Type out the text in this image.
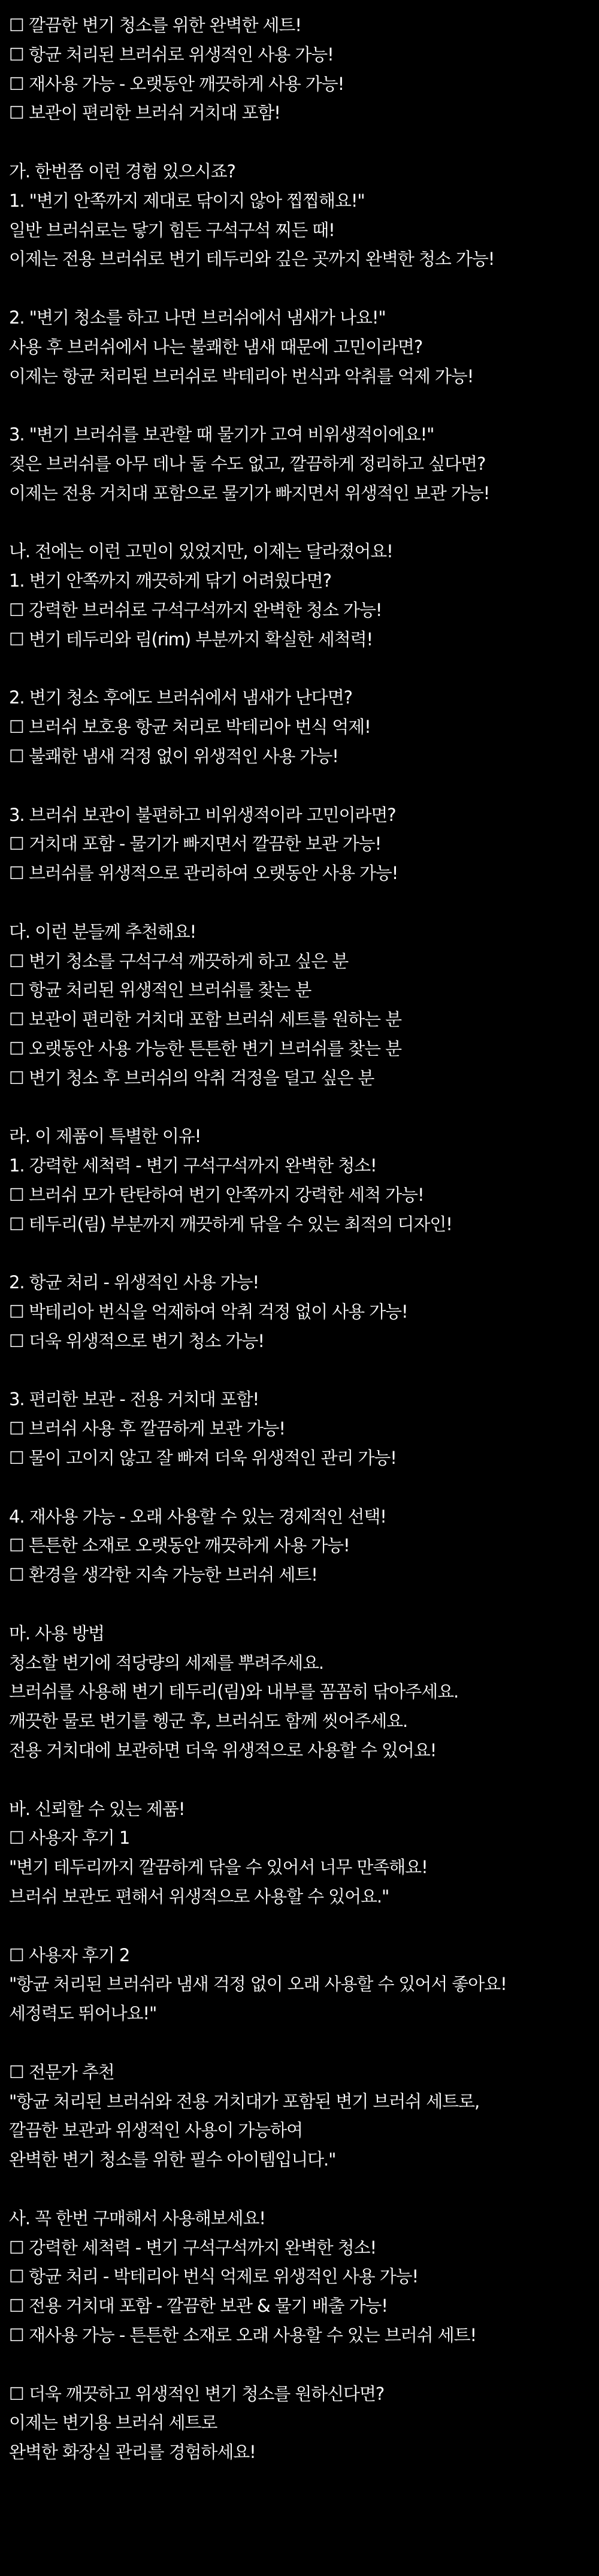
☐ 깔끔한 변기 청소를 위한 완벽한 세트!
☐ 항균 처리된 브러쉬로 위생적인 사용 가능!
☐ 재사용 가능 - 오랫동안 깨끗하게 사용 가능!
☐ 보관이 편리한 브러쉬 거치대 포함!
가. 한번쯤 이런 경험 있으시죠?
1. "변기 안쪽까지 제대로 닦이지 않아 찝찝해요!"
일반 브러쉬로는 닿기 힘든 구석구석 찌든 때!
이제는 전용 브러쉬로 변기 테두리와 깊은 곳까지 완벽한 청소 가능!
2. "변기 청소를 하고 나면 브러쉬에서 냄새가 나요!"
사용 후 브러쉬에서 나는 불쾌한 냄새 때문에 고민이라면?
이제는 항균 처리된 브러쉬로 박테리아 번식과 악취를 억제 가능!
3. "변기 브러쉬를 보관할 때 물기가 고여 비위생적이에요!"
젖은 브러쉬를 아무 데나 둘 수도 없고, 깔끔하게 정리하고 싶다면?
이제는 전용 거치대 포함으로 물기가 빠지면서 위생적인 보관 가능!
나. 전에는 이런 고민이 있었지만, 이제는 달라졌어요!
1. 변기 안쪽까지 깨끗하게 닦기 어려웠다면?
☐ 강력한 브러쉬로 구석구석까지 완벽한 청소 가능!
☐ 변기 테두리와 림(rim) 부분까지 확실한 세척력!
2. 변기 청소 후에도 브러쉬에서 냄새가 난다면?
☐ 브러쉬 보호용 항균 처리로 박테리아 번식 억제!
☐ 불쾌한 냄새 걱정 없이 위생적인 사용 가능!
3. 브러쉬 보관이 불편하고 비위생적이라 고민이라면?
☐ 거치대 포함 - 물기가 빠지면서 깔끔한 보관 가능!
☐ 브러쉬를 위생적으로 관리하여 오랫동안 사용 가능!
다. 이런 분들께 추천해요!
☐ 변기 청소를 구석구석 깨끗하게 하고 싶은 분
☐ 항균 처리된 위생적인 브러쉬를 찾는 분
☐ 보관이 편리한 거치대 포함 브러쉬 세트를 원하는 분
☐ 오랫동안 사용 가능한 튼튼한 변기 브러쉬를 찾는 분
☐ 변기 청소 후 브러쉬의 악취 걱정을 덜고 싶은 분
라. 이 제품이 특별한 이유!
1. 강력한 세척력 - 변기 구석구석까지 완벽한 청소!
☐ 브러쉬 모가 탄탄하여 변기 안쪽까지 강력한 세척 가능!
☐ 테두리(림) 부분까지 깨끗하게 닦을 수 있는 최적의 디자인!
2. 항균 처리 - 위생적인 사용 가능!
☐ 박테리아 번식을 억제하여 악취 걱정 없이 사용 가능!
☐ 더욱 위생적으로 변기 청소 가능!
3. 편리한 보관 - 전용 거치대 포함!
☐ 브러쉬 사용 후 깔끔하게 보관 가능!
☐ 물이 고이지 않고 잘 빠져 더욱 위생적인 관리 가능!
4. 재사용 가능 - 오래 사용할 수 있는 경제적인 선택!
☐ 튼튼한 소재로 오랫동안 깨끗하게 사용 가능!
☐ 환경을 생각한 지속 가능한 브러쉬 세트!
마. 사용 방법
청소할 변기에 적당량의 세제를 뿌려주세요.
브러쉬를 사용해 변기 테두리(림)와 내부를 꼼꼼히 닦아주세요.
깨끗한 물로 변기를 헹군 후, 브러쉬도 함께 씻어주세요.
전용 거치대에 보관하면 더욱 위생적으로 사용할 수 있어요!
바. 신뢰할 수 있는 제품!
☐ 사용자 후기 1
"변기 테두리까지 깔끔하게 닦을 수 있어서 너무 만족해요!
브러쉬 보관도 편해서 위생적으로 사용할 수 있어요."
☐ 사용자 후기 2
"항균 처리된 브러쉬라 냄새 걱정 없이 오래 사용할 수 있어서 좋아요!
세정력도 뛰어나요!"
☐ 전문가 추천
"항균 처리된 브러쉬와 전용 거치대가 포함된 변기 브러쉬 세트로,
깔끔한 보관과 위생적인 사용이 가능하여
완벽한 변기 청소를 위한 필수 아이템입니다."
사. 꼭 한번 구매해서 사용해보세요!
☐ 강력한 세척력 - 변기 구석구석까지 완벽한 청소!
☐ 항균 처리 - 박테리아 번식 억제로 위생적인 사용 가능!
☐ 전용 거치대 포함 - 깔끔한 보관 & 물기 배출 가능!
☐ 재사용 가능 - 튼튼한 소재로 오래 사용할 수 있는 브러쉬 세트!
☐ 더욱 깨끗하고 위생적인 변기 청소를 원하신다면?
이제는 변기용 브러쉬 세트로
완벽한 화장실 관리를 경험하세요!
